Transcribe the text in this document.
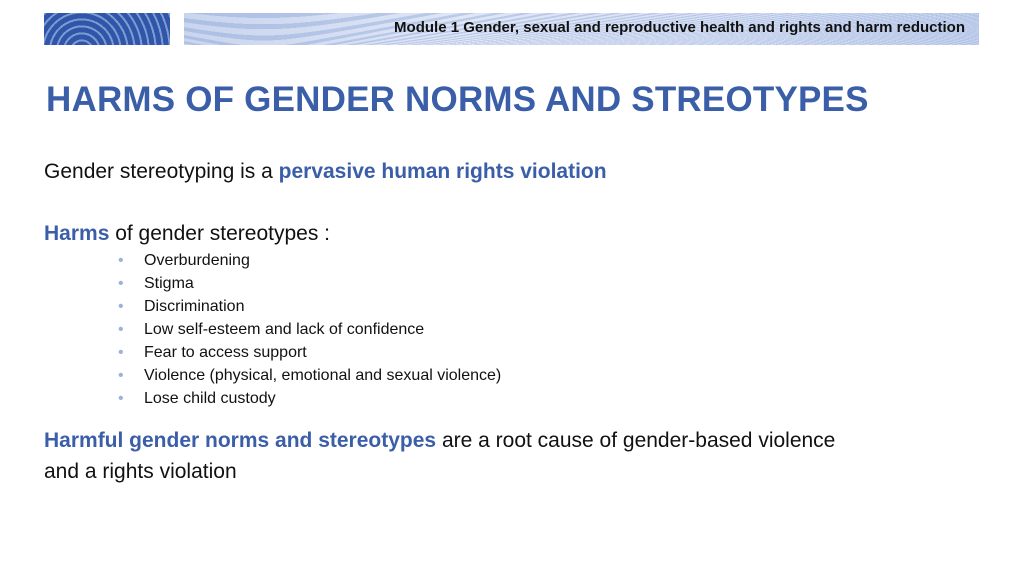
Module 1 Gender, sexual and reproductive health and rights and harm reduction
HARMS OF GENDER NORMS AND STREOTYPES
Gender stereotyping is a pervasive human rights violation
Harms of gender stereotypes :
• Overburdening
• Stigma
• Discrimination
• Low self-esteem and lack of confidence
• Fear to access support
• Violence (physical, emotional and sexual violence)
• Lose child custody
Harmful gender norms and stereotypes are a root cause of gender-based violence and a rights violation
